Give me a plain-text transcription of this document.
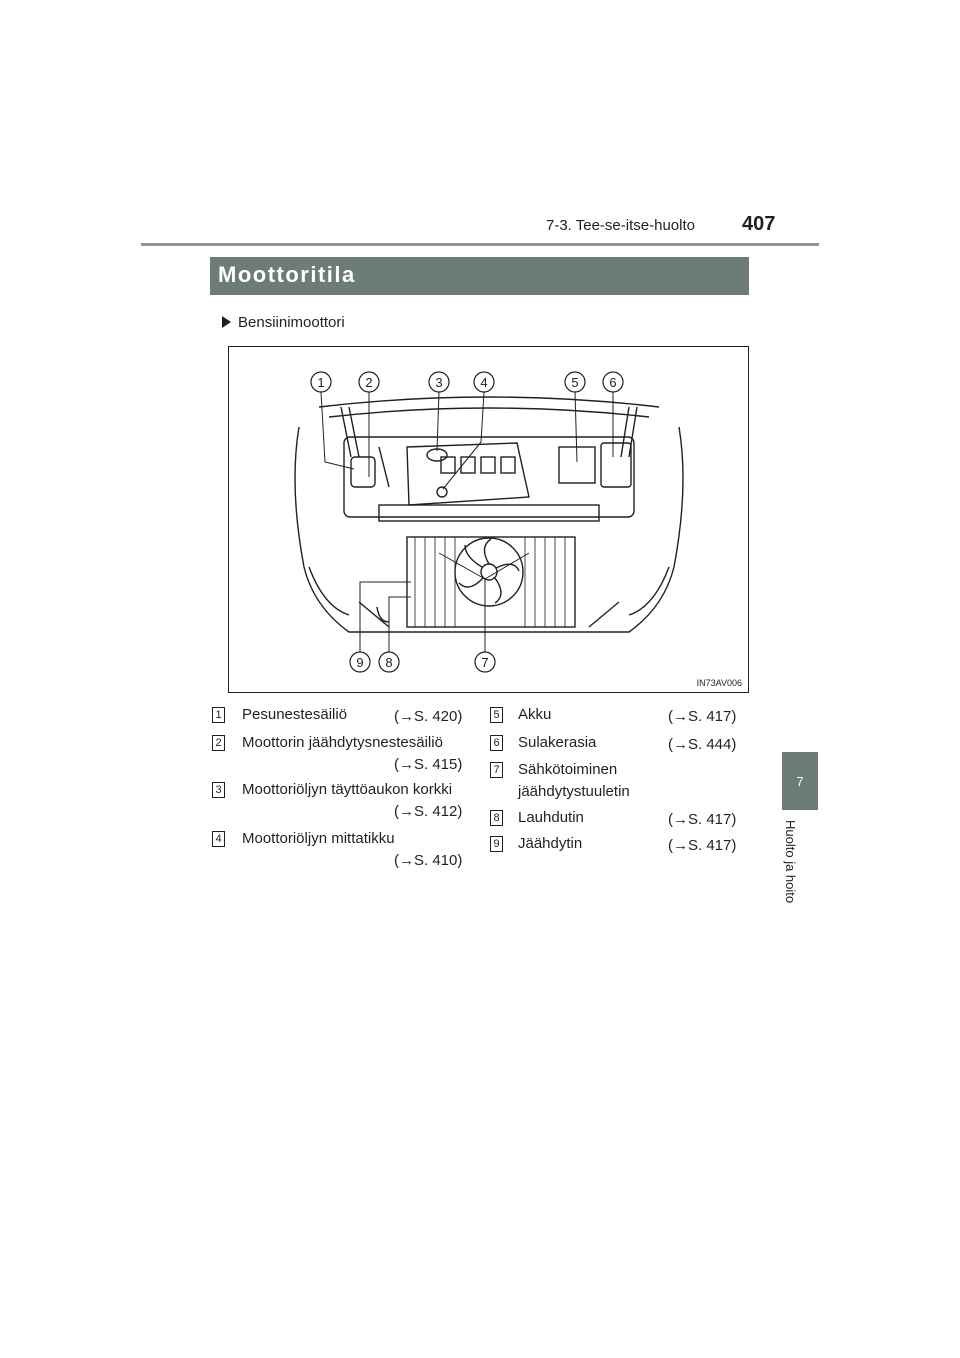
7-3. Tee-se-itse-huolto 407
7
Huolto ja hoito
Moottoritila
Bensiinimoottori
1	2	3	4	5 6
9 8	7
IN73AV006
1 Pesunestesäiliö	(→S. 420)
2 Moottorin jäähdytysnestesäiliö
(→S. 415)
3 Moottoriöljyn täyttöaukon korkki
(→S. 412)
4 Moottoriöljyn mittatikku
(→S. 410)
5 Akku	(→S. 417)
6 Sulakerasia	(→S. 444)
7 Sähkötoiminen
jäähdytystuuletin
8 Lauhdutin	(→S. 417)
9 Jäähdytin	(→S. 417)
